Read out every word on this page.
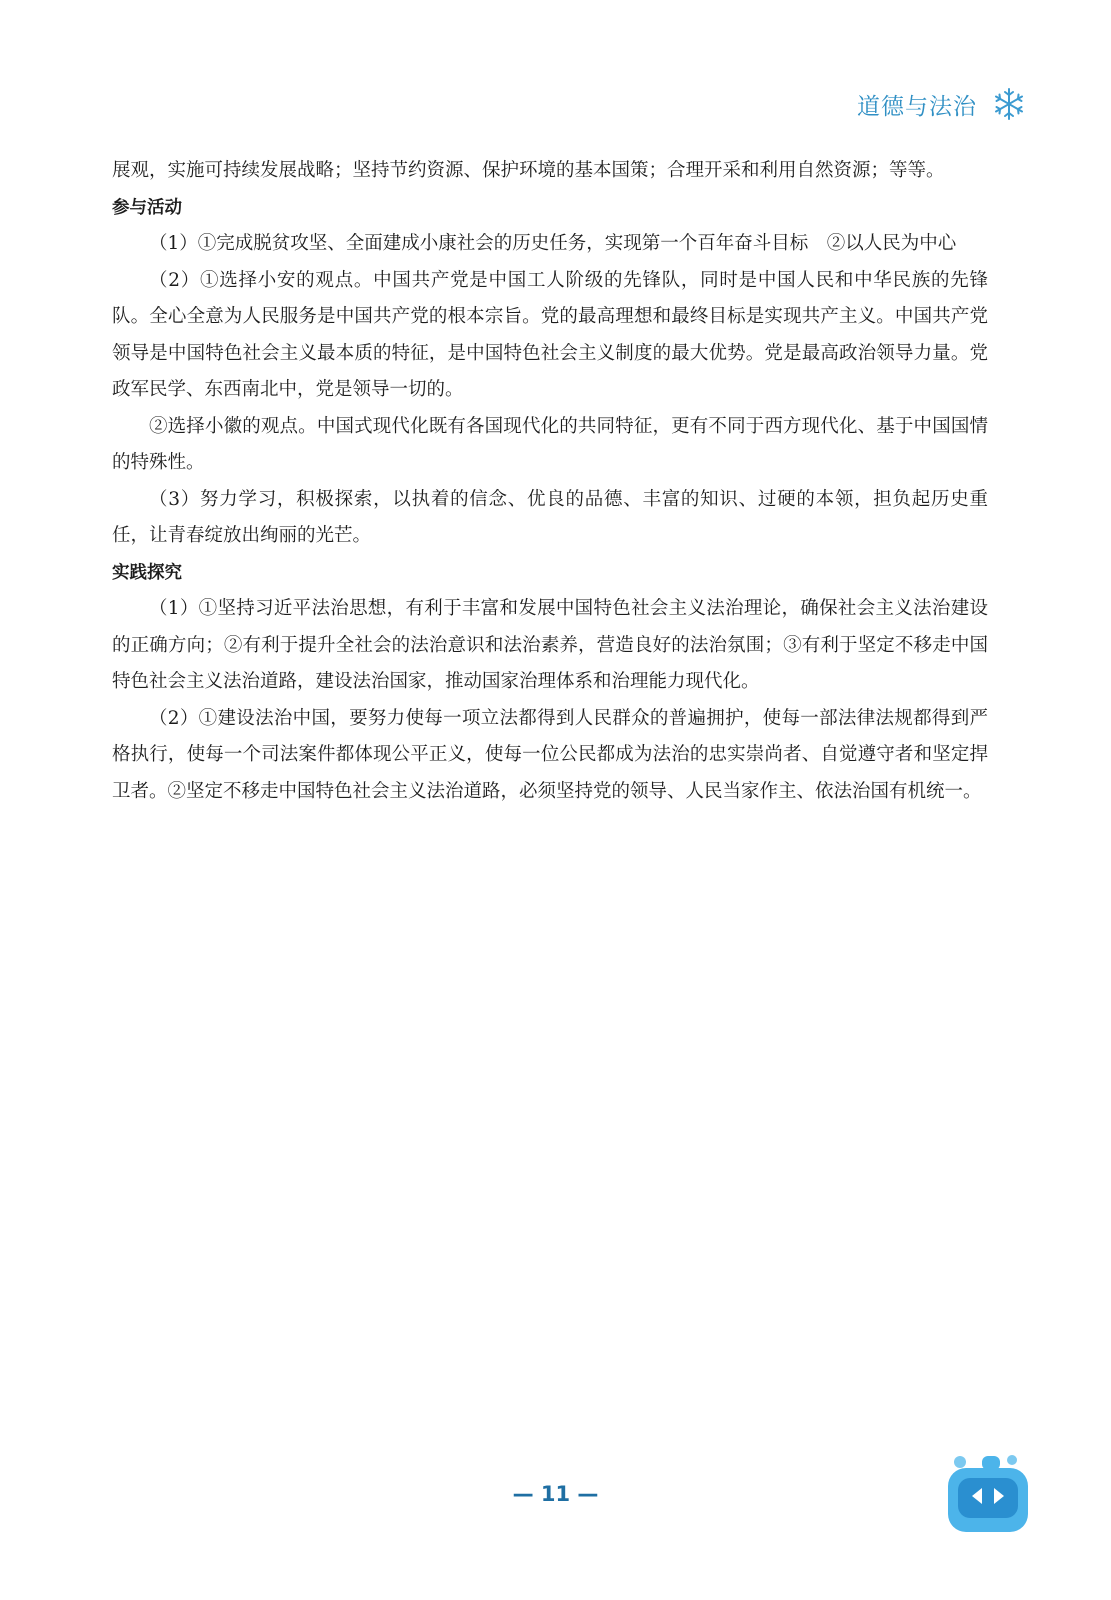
道德与法治

展观，实施可持续发展战略；坚持节约资源、保护环境的基本国策；合理开采和利用自然资源；等等。

参与活动

（1）①完成脱贫攻坚、全面建成小康社会的历史任务，实现第一个百年奋斗目标　②以人民为中心

（2）①选择小安的观点。中国共产党是中国工人阶级的先锋队，同时是中国人民和中华民族的先锋队。全心全意为人民服务是中国共产党的根本宗旨。党的最高理想和最终目标是实现共产主义。中国共产党领导是中国特色社会主义最本质的特征，是中国特色社会主义制度的最大优势。党是最高政治领导力量。党政军民学、东西南北中，党是领导一切的。

②选择小徽的观点。中国式现代化既有各国现代化的共同特征，更有不同于西方现代化、基于中国国情的特殊性。

（3）努力学习，积极探索，以执着的信念、优良的品德、丰富的知识、过硬的本领，担负起历史重任，让青春绽放出绚丽的光芒。

实践探究

（1）①坚持习近平法治思想，有利于丰富和发展中国特色社会主义法治理论，确保社会主义法治建设的正确方向；②有利于提升全社会的法治意识和法治素养，营造良好的法治氛围；③有利于坚定不移走中国特色社会主义法治道路，建设法治国家，推动国家治理体系和治理能力现代化。

（2）①建设法治中国，要努力使每一项立法都得到人民群众的普遍拥护，使每一部法律法规都得到严格执行，使每一个司法案件都体现公平正义，使每一位公民都成为法治的忠实崇尚者、自觉遵守者和坚定捍卫者。②坚定不移走中国特色社会主义法治道路，必须坚持党的领导、人民当家作主、依法治国有机统一。

— 11 —
